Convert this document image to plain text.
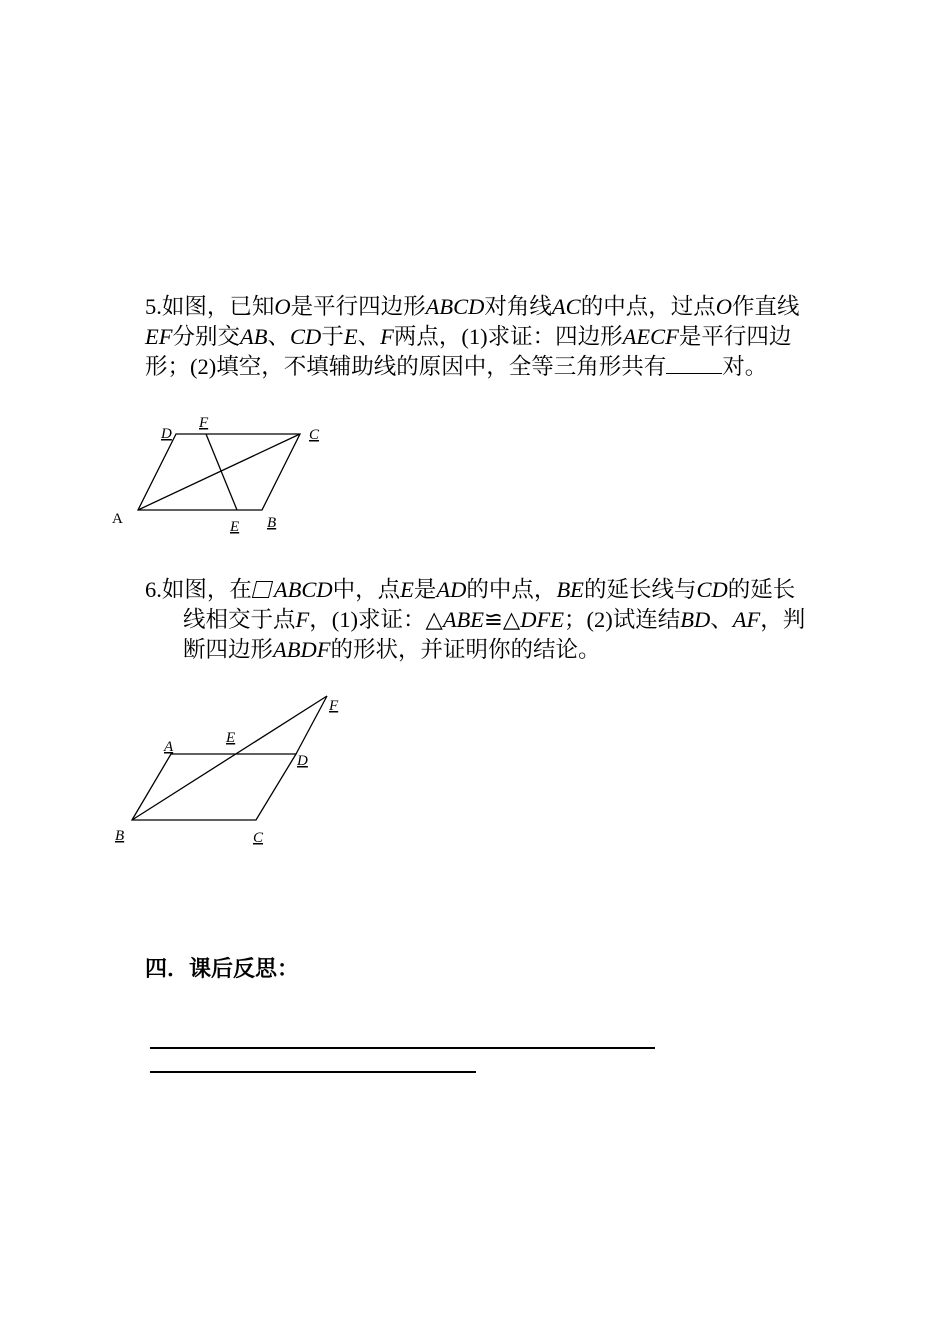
5.如图，已知O是平行四边形ABCD对角线AC的中点，过点O作直线EF分别交AB、CD于E、F两点，(1)求证：四边形AECF是平行四边形；(2)填空，不填辅助线的原因中，全等三角形共有 对。

A
D
F
C
E B

6.如图，在 ABCD中，点E是AD的中点，BE的延长线与CD的延长线相交于点F，(1)求证：△ABE≌△DFE；(2)试连结BD、AF，判断四边形ABDF的形状，并证明你的结论。

A
E
D
F
B	C
四．课后反思：
